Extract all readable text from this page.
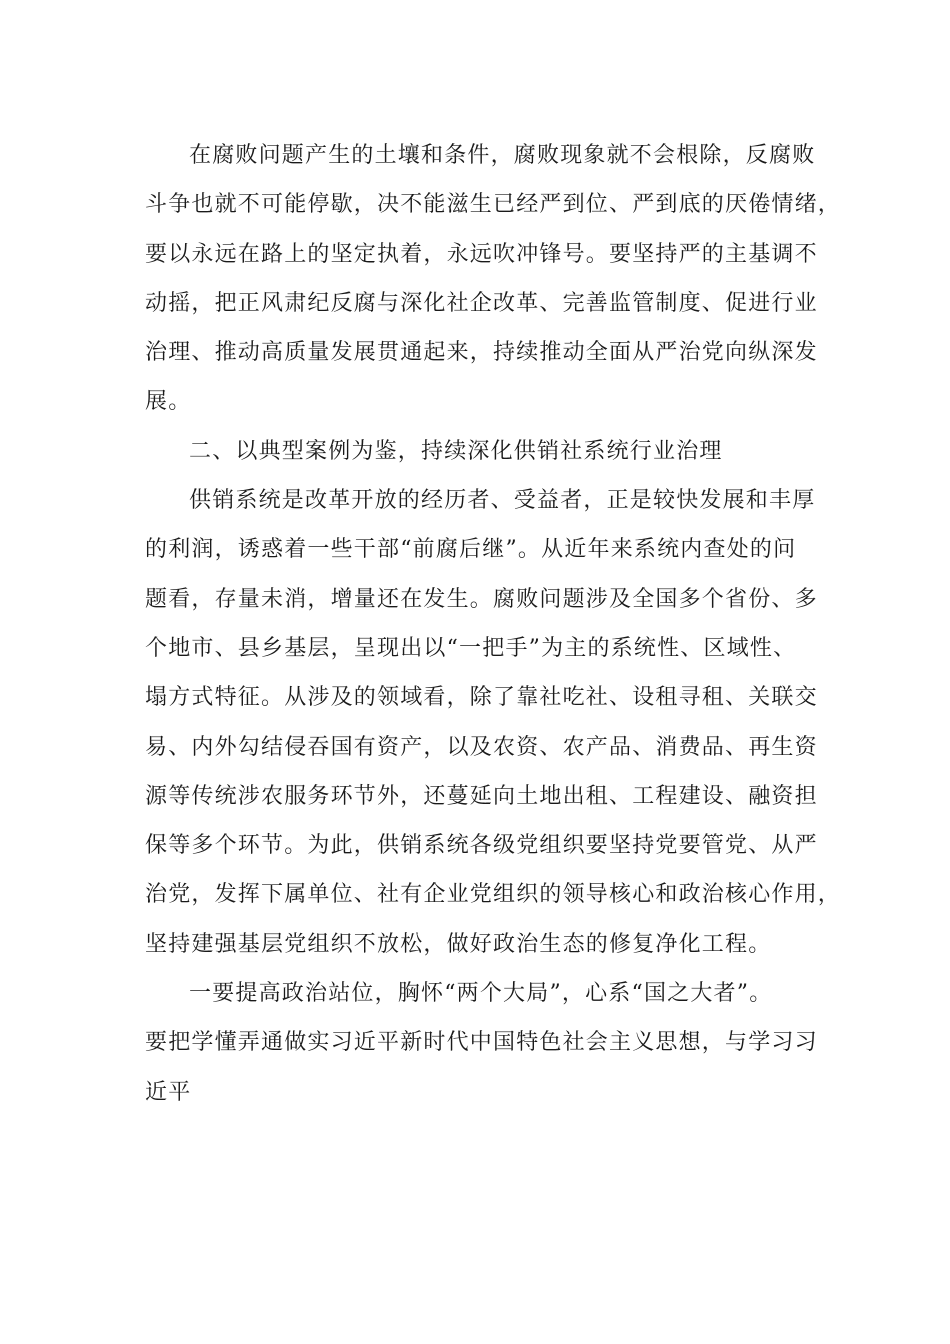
在腐败问题产生的土壤和条件，腐败现象就不会根除，反腐败
斗争也就不可能停歇，决不能滋生已经严到位、严到底的厌倦情绪，
要以永远在路上的坚定执着，永远吹冲锋号。要坚持严的主基调不
动摇，把正风肃纪反腐与深化社企改革、完善监管制度、促进行业
治理、推动高质量发展贯通起来，持续推动全面从严治党向纵深发
展。
二、以典型案例为鉴，持续深化供销社系统行业治理
供销系统是改革开放的经历者、受益者，正是较快发展和丰厚
的利润，诱惑着一些干部“前腐后继”。从近年来系统内查处的问
题看，存量未消，增量还在发生。腐败问题涉及全国多个省份、多
个地市、县乡基层，呈现出以“一把手”为主的系统性、区域性、
塌方式特征。从涉及的领域看，除了靠社吃社、设租寻租、关联交
易、内外勾结侵吞国有资产，以及农资、农产品、消费品、再生资
源等传统涉农服务环节外，还蔓延向土地出租、工程建设、融资担
保等多个环节。为此，供销系统各级党组织要坚持党要管党、从严
治党，发挥下属单位、社有企业党组织的领导核心和政治核心作用，
坚持建强基层党组织不放松，做好政治生态的修复净化工程。
一要提高政治站位，胸怀“两个大局”，心系“国之大者”。
要把学懂弄通做实习近平新时代中国特色社会主义思想，与学习习
近平
